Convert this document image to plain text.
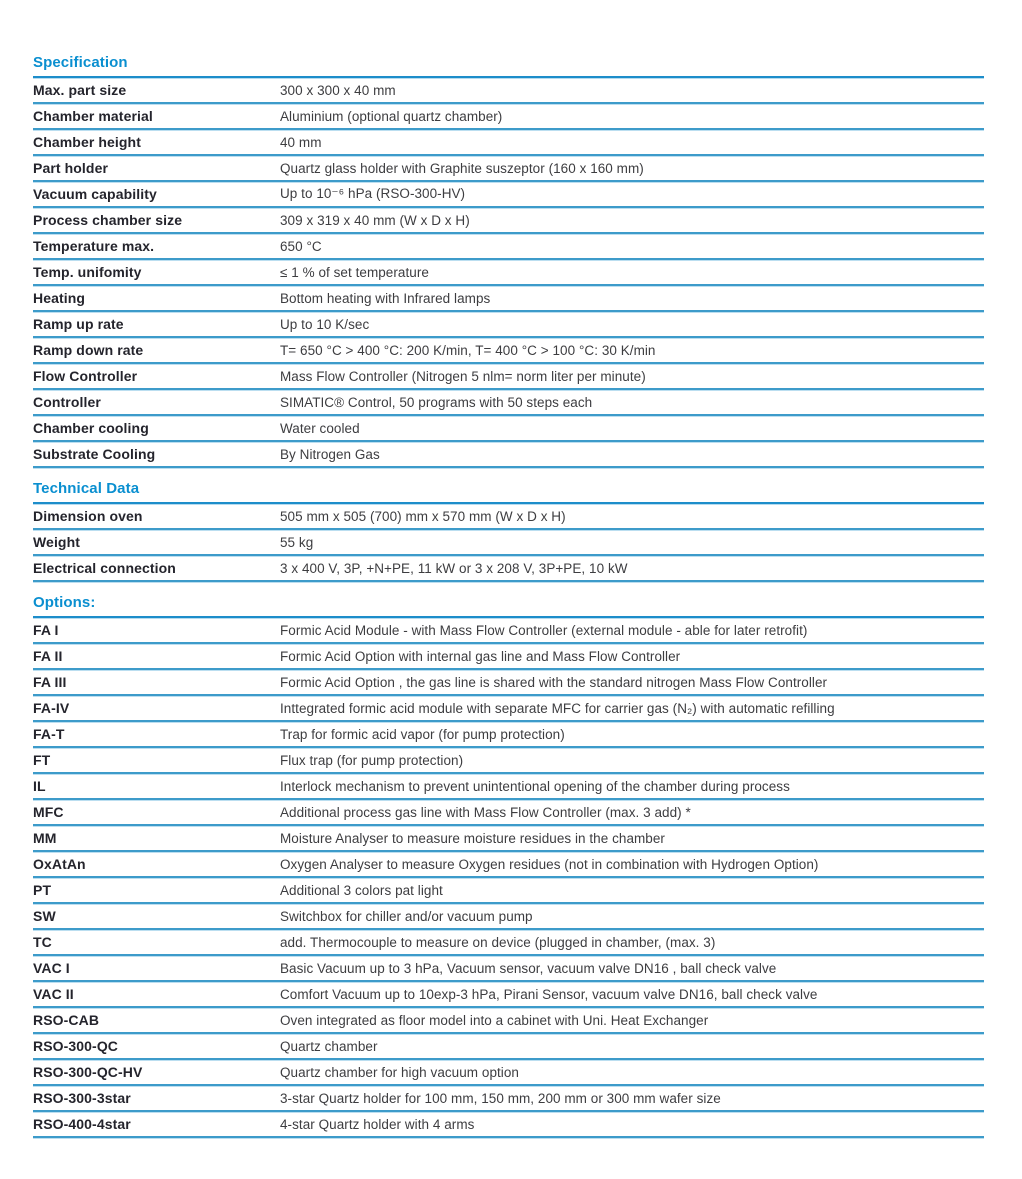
Specification
Max. part size	300 x 300 x 40 mm
Chamber material	Aluminium (optional quartz chamber)
Chamber height	40 mm
Part holder	Quartz glass holder with Graphite suszeptor (160 x 160 mm)
Vacuum capability	Up to 10⁻⁶ hPa (RSO-300-HV)
Process chamber size	309 x 319 x 40 mm (W x D x H)
Temperature max.	650 °C
Temp. unifomity	≤ 1 % of set temperature
Heating	Bottom heating with Infrared lamps
Ramp up rate	Up to 10 K/sec
Ramp down rate	T= 650 °C > 400 °C: 200 K/min, T= 400 °C > 100 °C: 30 K/min
Flow Controller	Mass Flow Controller (Nitrogen 5 nlm= norm liter per minute)
Controller	SIMATIC® Control, 50 programs with 50 steps each
Chamber cooling	Water cooled
Substrate Cooling	By Nitrogen Gas
Technical Data
Dimension oven	505 mm x 505 (700) mm x 570 mm (W x D x H)
Weight	55 kg
Electrical connection	3 x 400 V, 3P, +N+PE, 11 kW or 3 x 208 V, 3P+PE, 10 kW
Options:
FA I	Formic Acid Module - with Mass Flow Controller (external module - able for later retrofit)
FA II	Formic Acid Option with internal gas line and Mass Flow Controller
FA III	Formic Acid Option , the gas line is shared with the standard nitrogen Mass Flow Controller
FA-IV	Inttegrated formic acid module with separate MFC for carrier gas (N₂) with automatic refilling
FA-T	Trap for formic acid vapor (for pump protection)
FT	Flux trap (for pump protection)
IL	Interlock mechanism to prevent unintentional opening of the chamber during process
MFC	Additional process gas line with Mass Flow Controller (max. 3 add) *
MM	Moisture Analyser to measure moisture residues in the chamber
OxAtAn	Oxygen Analyser to measure Oxygen residues (not in combination with Hydrogen Option)
PT	Additional 3 colors pat light
SW	Switchbox for chiller and/or vacuum pump
TC	add. Thermocouple to measure on device (plugged in chamber, (max. 3)
VAC I	Basic Vacuum up to 3 hPa, Vacuum sensor, vacuum valve DN16 , ball check valve
VAC II	Comfort Vacuum up to 10exp-3 hPa, Pirani Sensor, vacuum valve DN16, ball check valve
RSO-CAB	Oven integrated as floor model into a cabinet with Uni. Heat Exchanger
RSO-300-QC	Quartz chamber
RSO-300-QC-HV	Quartz chamber for high vacuum option
RSO-300-3star	3-star Quartz holder for 100 mm, 150 mm, 200 mm or 300 mm wafer size
RSO-400-4star	4-star Quartz holder with 4 arms
